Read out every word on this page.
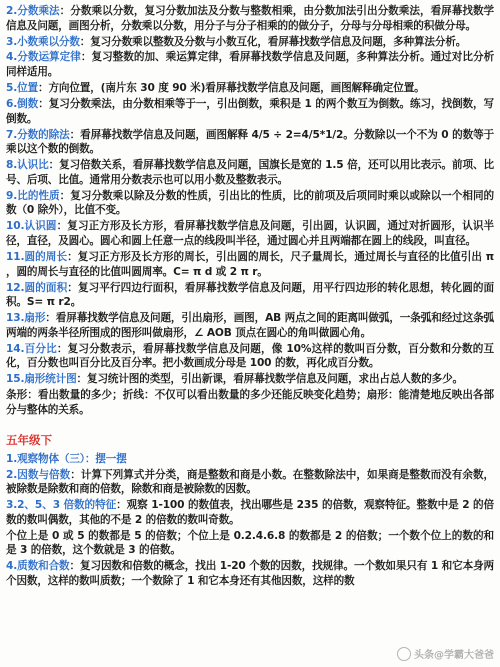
2.分数乘法：分数乘以分数，复习分数加法及分数与整数相乘，由分数加法引出分数乘法，看屏幕找数学信息及问题，画图分析，分数乘以分数，用分子与分子相乘的的做分子，分母与分母相乘的积做分母。

3.小数乘以分数：复习分数乘以整数及分数与小数互化，看屏幕找数学信息及问题，多种算法分析。

4.分数运算定律：复习整数的加、乘运算定律，看屏幕找数学信息及问题，多种算法分析。通过对比分析同样适用。

5.位置：方向位置，(南片东 30 度 90 米)看屏幕找数学信息及问题，画图解释确定位置。

6.倒数：复习分数乘法，由分数相乘等于一，引出倒数，乘积是 1 的两个数互为倒数。练习，找倒数，写倒数。

7.分数的除法：看屏幕找数学信息及问题，画图解释 4/5 ÷ 2=4/5*1/2。分数除以一个不为 0 的数等于乘以这个数的倒数。

8.认识比：复习倍数关系，看屏幕找数学信息及问题，国旗长是宽的 1.5 倍，还可以用比表示。前项、比号、后项、比值。通常用分数表示也可以用小数及整数表示。

9.比的性质：复习分数乘以除及分数的性质，引出比的性质，比的前项及后项同时乘以或除以一个相同的数（0 除外），比值不变。

10.认识圆：复习正方形及长方形，看屏幕找数学信息及问题，引出圆，认识圆，通过对折圆形，认识半径，直径，及圆心。圆心和圆上任意一点的线段叫半径，通过圆心并且两端都在圆上的线段，叫直径。

11.圆的周长：复习正方形及长方形的周长，引出圆的周长，尺子量周长，通过周长与直径的比值引出 π ，圆的周长与直径的比值叫圆周率。C= π d 或 2 π r。

12.圆的面积：复习平行四边行面积，看屏幕找数学信息及问题，用平行四边形的转化思想，转化圆的面积。S= π r2。

13.扇形：看屏幕找数学信息及问题，引出扇形，画图，AB 两点之间的距离叫做弧，一条弧和经过这条弧两端的两条半径所围成的图形叫做扇形，∠ AOB 顶点在圆心的角叫做圆心角。

14.百分比：复习分数表示，看屏幕找数学信息及问题，像 10%这样的数叫百分数，百分数和分数的互化，百分数也叫百分比及百分率。把小数画成分母是 100 的数，再化成百分数。

15.扇形统计图：复习统计图的类型，引出新课，看屏幕找数学信息及问题，求出占总人数的多少。

条形：看出数量的多少；折线：不仅可以看出数量的多少还能反映变化趋势；扇形：能清楚地反映出各部分与整体的关系。

五年级下

1.观察物体（三）：摆一摆

2.因数与倍数：计算下列算式并分类，商是整数和商是小数。在整数除法中，如果商是整数而没有余数，被除数是除数和商的倍数，除数和商是被除数的因数。

3.2、5、3 倍数的特征：观察 1-100 的数值表，找出哪些是 235 的倍数，观察特征。整数中是 2 的倍数的数叫偶数，其他的不是 2 的倍数的数叫奇数。

个位上是 0 或 5 的数都是 5 的倍数；个位上是 0.2.4.6.8 的数都是 2 的倍数；一个数个位上的数的和是 3 的倍数，这个数就是 3 的倍数。

4.质数和合数：复习因数和倍数的概念，找出 1-20 个数的因数，找规律。一个数如果只有 1 和它本身两个因数，这样的数叫质数；一个数除了 1 和它本身还有其他因数，这样的数

头条@学霸大爸爸
